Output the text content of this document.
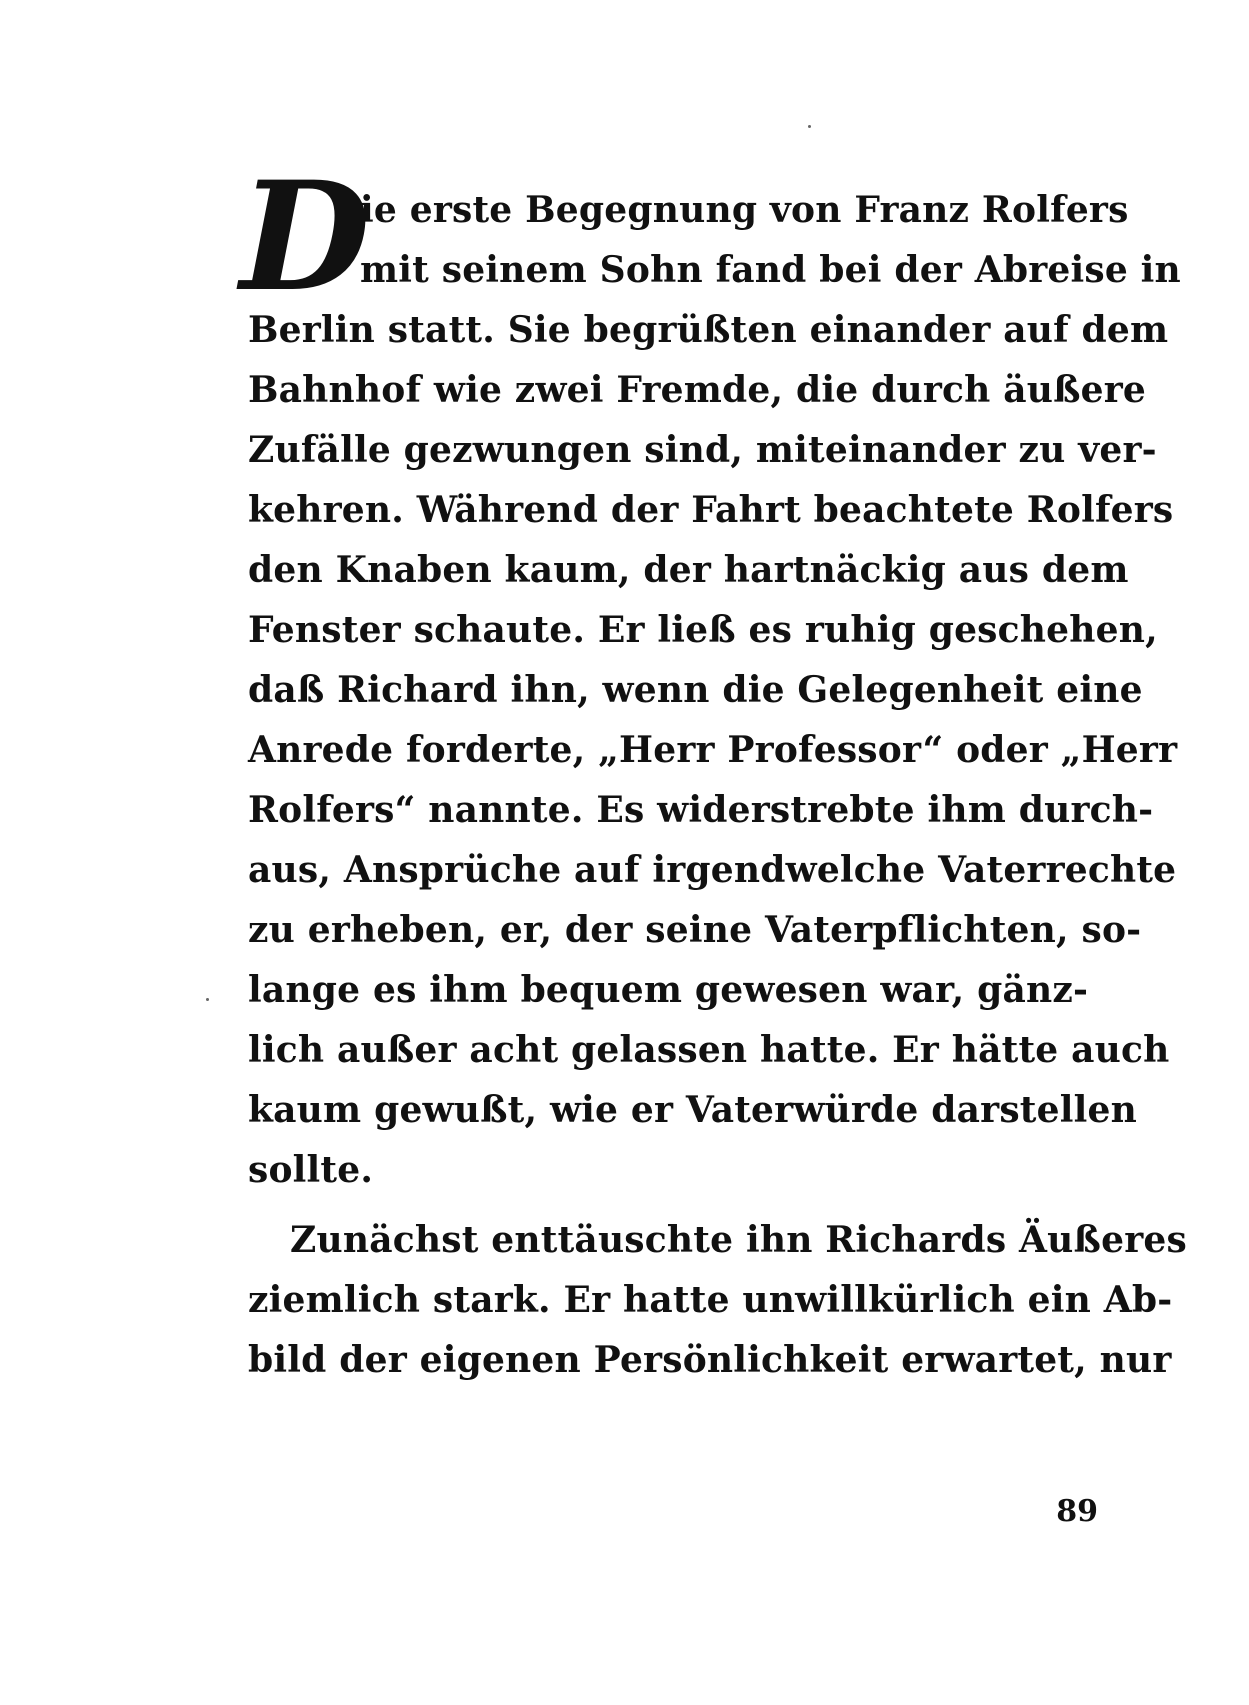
D
ie erste Begegnung von Franz Rolfers
mit seinem Sohn fand bei der Abreise in
Berlin statt. Sie begrüßten einander auf dem
Bahnhof wie zwei Fremde, die durch äußere
Zufälle gezwungen sind, miteinander zu ver-
kehren. Während der Fahrt beachtete Rolfers
den Knaben kaum, der hartnäckig aus dem
Fenster schaute. Er ließ es ruhig geschehen,
daß Richard ihn, wenn die Gelegenheit eine
Anrede forderte, „Herr Professor“ oder „Herr
Rolfers“ nannte. Es widerstrebte ihm durch-
aus, Ansprüche auf irgendwelche Vaterrechte
zu erheben, er, der seine Vaterpflichten, so-
lange es ihm bequem gewesen war, gänz-
lich außer acht gelassen hatte. Er hätte auch
kaum gewußt, wie er Vaterwürde darstellen
sollte.
Zunächst enttäuschte ihn Richards Äußeres
ziemlich stark. Er hatte unwillkürlich ein Ab-
bild der eigenen Persönlichkeit erwartet, nur
89
